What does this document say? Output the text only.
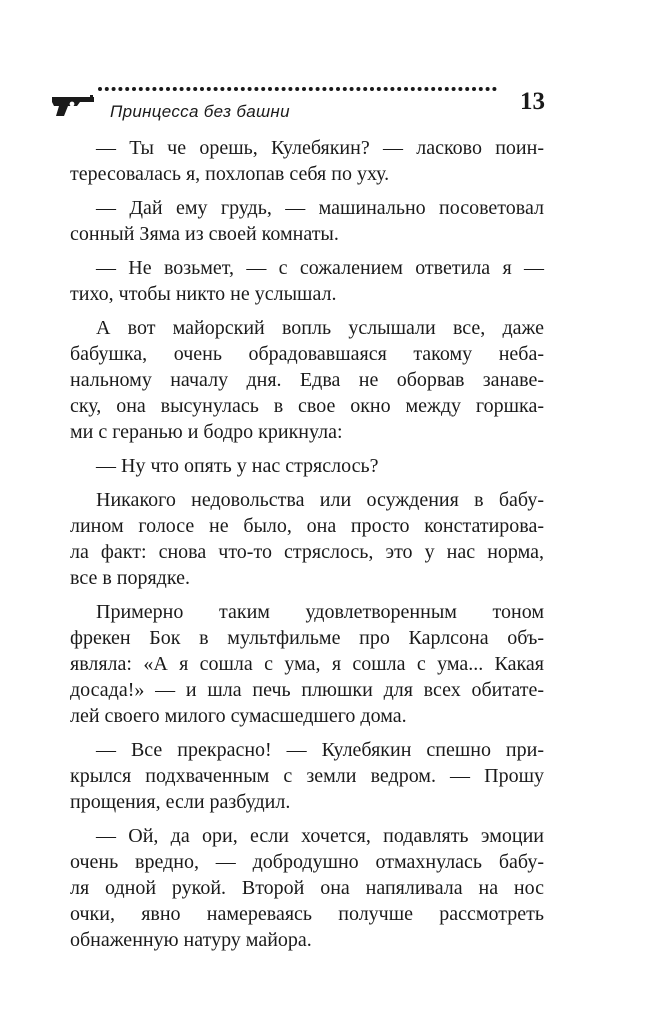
Принцесса без башни	13
— Ты че орешь, Кулебякин? — ласково поин-
тересовалась я, похлопав себя по уху.
— Дай ему грудь, — машинально посоветовал
сонный Зяма из своей комнаты.
— Не возьмет, — с сожалением ответила я —
тихо, чтобы никто не услышал.
А вот майорский вопль услышали все, даже
бабушка, очень обрадовавшаяся такому неба-
нальному началу дня. Едва не оборвав занаве-
ску, она высунулась в свое окно между горшка-
ми с геранью и бодро крикнула:
— Ну что опять у нас стряслось?
Никакого недовольства или осуждения в бабу-
лином голосе не было, она просто констатирова-
ла факт: снова что-то стряслось, это у нас норма,
все в порядке.
Примерно таким удовлетворенным тоном
фрекен Бок в мультфильме про Карлсона объ-
являла: «А я сошла с ума, я сошла с ума... Какая
досада!» — и шла печь плюшки для всех обитате-
лей своего милого сумасшедшего дома.
— Все прекрасно! — Кулебякин спешно при-
крылся подхваченным с земли ведром. — Прошу
прощения, если разбудил.
— Ой, да ори, если хочется, подавлять эмоции
очень вредно, — добродушно отмахнулась бабу-
ля одной рукой. Второй она напяливала на нос
очки, явно намереваясь получше рассмотреть
обнаженную натуру майора.
